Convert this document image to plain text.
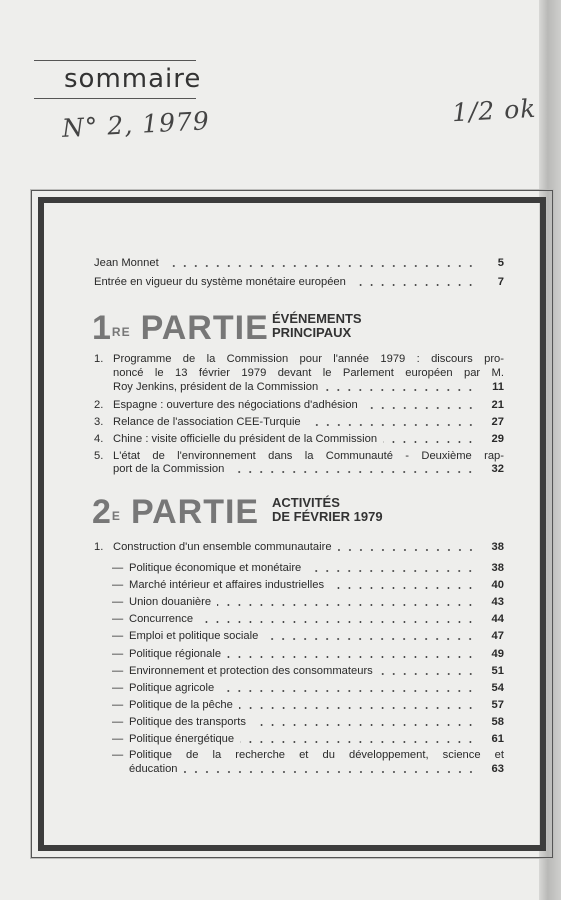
sommaire
N° 2, 1979	1/2 ok
Jean Monnet	5
Entrée en vigueur du système monétaire européen	7
1RE PARTIE ÉVÉNEMENTS
PRINCIPAUX
1. Programme de la Commission pour l'année 1979 : discours pro-
noncé le 13 février 1979 devant le Parlement européen par M.
Roy Jenkins, président de la Commission	11
2. Espagne : ouverture des négociations d'adhésion	21
3. Relance de l'association CEE-Turquie	27
4. Chine : visite officielle du président de la Commission	29
5. L'état de l'environnement dans la Communauté - Deuxième rap-
port de la Commission	32
$2^E$ PARTIE ACTIVITÉS
DE FÉVRIER 1979
1. Construction d'un ensemble communautaire	38
— Politique économique et monétaire	38
— Marché intérieur et affaires industrielles	40
— Union douanière	43
— Concurrence	44
— Emploi et politique sociale	47
— Politique régionale	49
— Environnement et protection des consommateurs	51
— Politique agricole	54
— Politique de la pêche	57
— Politique des transports	58
— Politique énergétique	61
— Politique de la recherche et du développement, science et
éducation	63
